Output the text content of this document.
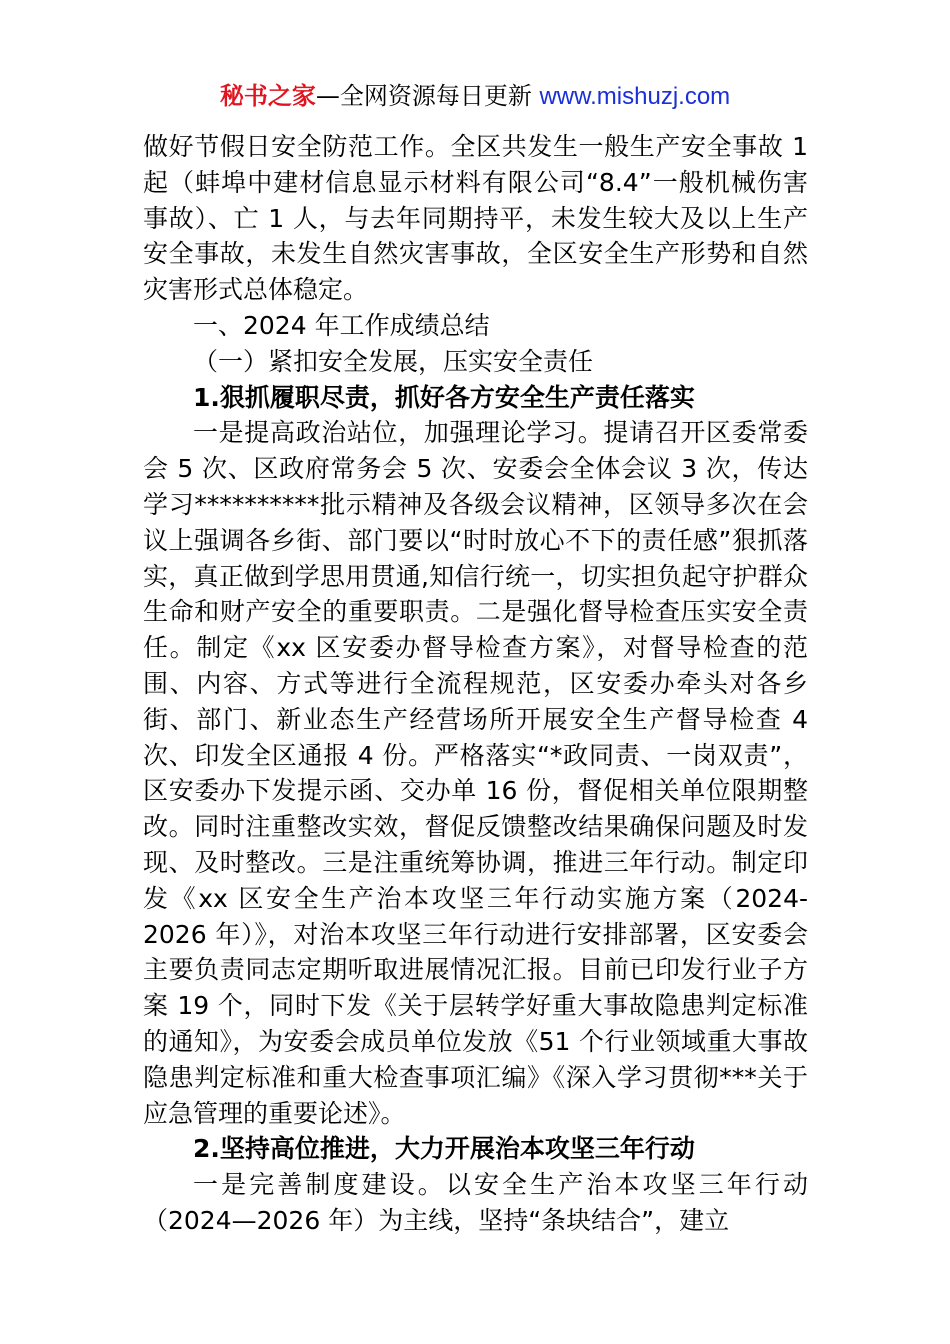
秘书之家—全网资源每日更新 www.mishuzj.com

做好节假日安全防范工作。全区共发生一般生产安全事故 1 起（蚌埠中建材信息显示材料有限公司“8.4”一般机械伤害事故）、亡 1 人，与去年同期持平，未发生较大及以上生产安全事故，未发生自然灾害事故，全区安全生产形势和自然灾害形式总体稳定。

一、2024 年工作成绩总结

（一）紧扣安全发展，压实安全责任

1.狠抓履职尽责，抓好各方安全生产责任落实

一是提高政治站位，加强理论学习。提请召开区委常委会 5 次、区政府常务会 5 次、安委会全体会议 3 次，传达学习**********批示精神及各级会议精神，区领导多次在会议上强调各乡街、部门要以“时时放心不下的责任感”狠抓落实，真正做到学思用贯通,知信行统一，切实担负起守护群众生命和财产安全的重要职责。二是强化督导检查压实安全责任。制定《xx 区安委办督导检查方案》，对督导检查的范围、内容、方式等进行全流程规范，区安委办牵头对各乡街、部门、新业态生产经营场所开展安全生产督导检查 4 次、印发全区通报 4 份。严格落实“*政同责、一岗双责”，区安委办下发提示函、交办单 16 份，督促相关单位限期整改。同时注重整改实效，督促反馈整改结果确保问题及时发现、及时整改。三是注重统筹协调，推进三年行动。制定印发《xx 区安全生产治本攻坚三年行动实施方案（2024-2026 年）》，对治本攻坚三年行动进行安排部署，区安委会主要负责同志定期听取进展情况汇报。目前已印发行业子方案 19 个，同时下发《关于层转学好重大事故隐患判定标准的通知》，为安委会成员单位发放《51 个行业领域重大事故隐患判定标准和重大检查事项汇编》《深入学习贯彻***关于应急管理的重要论述》。

2.坚持高位推进，大力开展治本攻坚三年行动

一是完善制度建设。以安全生产治本攻坚三年行动（2024—2026 年）为主线，坚持“条块结合”，建立
